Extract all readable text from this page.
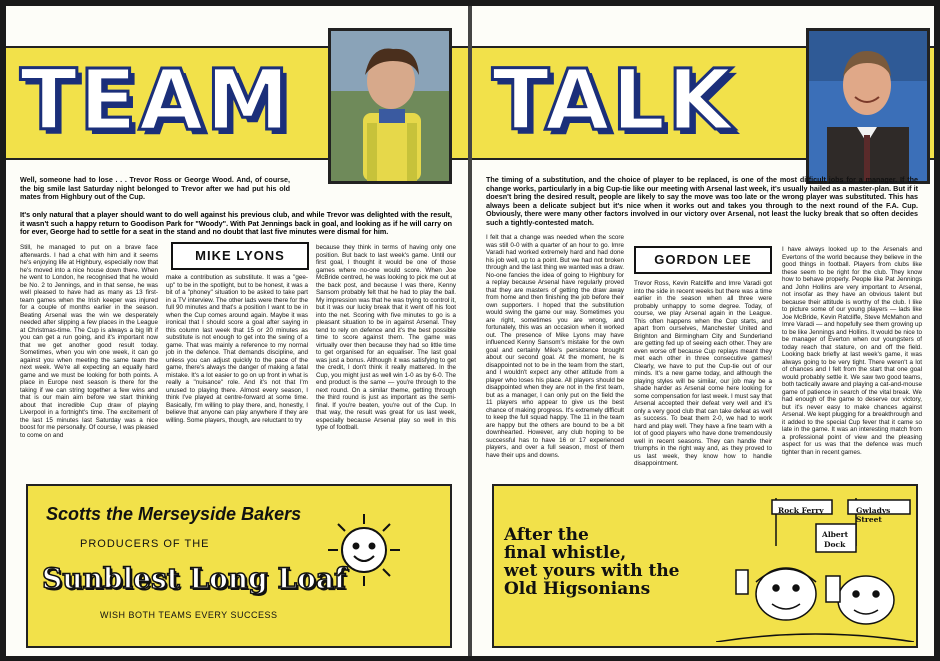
TEAM

Well, someone had to lose . . . Trevor Ross or George Wood. And, of course, the big smile last Saturday night belonged to Trevor after we had put his old mates from Highbury out of the Cup.

It's only natural that a player should want to do well against his previous club, and while Trevor was delighted with the result, it wasn't such a happy return to Goodison Park for "Woody". With Pat Jennings back in goal, and looking as if he will carry on for ever, George had to settle for a seat in the stand and no doubt that last five minutes were dismal for him.

MIKE LYONS

Still, he managed to put on a brave face afterwards. I had a chat with him and it seems he's enjoying life at Highbury, especially now that he's moved into a nice house down there. When he went to London, he recognised that he would be No. 2 to Jennings, and in that sense, he was well pleased to have had as many as 13 first-team games when the Irish keeper was injured for a couple of months earlier in the season. Beating Arsenal was the win we desperately needed after slipping a few places in the League at Christmas-time. The Cup is always a big lift if you can get a run going, and it's important now that we get another good result today. Sometimes, when you win one week, it can go against you when meeting the same team the next week. We're all expecting an equally hard game and we must be looking for both points. A place in Europe next season is there for the taking if we can string together a few wins and that is our main aim before we start thinking about that incredible Cup draw of playing Liverpool in a fortnight's time. The excitement of the last 15 minutes last Saturday was a nice boost for me personally. Of course, I was pleased to come on and

make a contribution as substitute. It was a "gee-up" to be in the spotlight, but to be honest, it was a bit of a "phoney" situation to be asked to take part in a TV interview. The other lads were there for the full 90 minutes and that's a position I want to be in when the Cup comes around again. Maybe it was ironical that I should score a goal after saying in this column last week that 15 or 20 minutes as substitute is not enough to get into the swing of a game. That was mainly a reference to my normal job in the defence. That demands discipline, and unless you can adjust quickly to the pace of the game, there's always the danger of making a fatal mistake. It's a lot easier to go on up front in what is really a "nuisance" role. And it's not that I'm unused to playing there. Almost every season, I think I've played at centre-forward at some time. Basically, I'm willing to play there, and, honestly, I believe that anyone can play anywhere if they are willing. Some players, though, are reluctant to try

because they think in terms of having only one position. But back to last week's game. Until our first goal, I thought it would be one of those games where no-one would score. When Joe McBride centred, he was looking to pick me out at the back post, and because I was there, Kenny Sansom probably felt that he had to play the ball. My impression was that he was trying to control it, but it was our lucky break that it went off his foot into the net. Scoring with five minutes to go is a pleasant situation to be in against Arsenal. They tend to rely on defence and it's the best possible time to score against them. The game was virtually over then because they had so little time to get organised for an equaliser. The last goal was just a bonus. Although it was satisfying to get the credit, I don't think it really mattered. In the Cup, you might just as well win 1-0 as by 6-0. The end product is the same — you're through to the next round. On a similar theme, getting through the third round is just as important as the semi-final. If you're beaten, you're out of the Cup. In that way, the result was great for us last week, especially because Arsenal play so well in this type of football.

Scotts the Merseyside Bakers
PRODUCERS OF THE
Sunblest Long Loaf
WISH BOTH TEAMS EVERY SUCCESS
TALK

The timing of a substitution, and the choice of player to be replaced, is one of the most difficult jobs for a manager. If the change works, particularly in a big Cup-tie like our meeting with Arsenal last week, it's usually hailed as a master-plan. But if it doesn't bring the desired result, people are likely to say the move was too late or the wrong player was substituted. This has always been a delicate subject but it's nice when it works out and takes you through to the next round of the F.A. Cup. Obviously, there were many other factors involved in our victory over Arsenal, not least the lucky break that so often decides such a tightly-contested match.

GORDON LEE

I felt that a change was needed when the score was still 0-0 with a quarter of an hour to go. Imre Varadi had worked extremely hard and had done his job well, up to a point. But we had not broken through and the last thing we wanted was a draw. No-one fancies the idea of going to Highbury for a replay because Arsenal have regularly proved that they are masters of getting the draw away from home and then finishing the job before their own supporters. I hoped that the substitution would swing the game our way. Sometimes you are right, sometimes you are wrong, and fortunately, this was an occasion when it worked out. The presence of Mike Lyons may have influenced Kenny Sansom's mistake for the own goal and certainly Mike's persistence brought about our second goal. At the moment, he is disappointed not to be in the team from the start, and I wouldn't expect any other attitude from a player who loses his place. All players should be disappointed when they are not in the first team, but as a manager, I can only put on the field the 11 players who appear to give us the best chance of making progress. It's extremely difficult to keep the full squad happy. The 11 in the team are happy but the others are bound to be a bit downhearted. However, any club hoping to be successful has to have 16 or 17 experienced players, and over a full season, most of them have their ups and downs.

Trevor Ross, Kevin Ratcliffe and Imre Varadi got into the side in recent weeks but there was a time earlier in the season when all three were probably unhappy to some degree. Today, of course, we play Arsenal again in the League. This often happens when the Cup starts, and apart from ourselves, Manchester United and Brighton and Birmingham City and Sunderland are getting fed up of seeing each other. They are even worse off because Cup replays meant they met each other in three consecutive games! Clearly, we have to put the Cup-tie out of our minds. It's a new game today, and although the playing styles will be similar, our job may be a shade harder as Arsenal come here looking for some compensation for last week. I must say that Arsenal accepted their defeat very well and it's only a very good club that can take defeat as well as success. To beat them 2-0, we had to work hard and play well. They have a fine team with a lot of good players who have done tremendously well in recent seasons. They can handle their triumphs in the right way and, as they proved to us last week, they know how to handle disappointment.

I have always looked up to the Arsenals and Evertons of the world because they believe in the good things in football. Players from clubs like these seem to be right for the club. They know how to behave properly. People like Pat Jennings and John Hollins are very important to Arsenal, not insofar as they have an obvious talent but because their attitude is worthy of the club. I like to picture some of our young players — lads like Joe McBride, Kevin Ratcliffe, Steve McMahon and Imre Varadi — and hopefully see them growing up to be like Jennings and Hollins. It would be nice to be manager of Everton when our youngsters of today reach that stature, on and off the field. Looking back briefly at last week's game, it was always going to be very tight. There weren't a lot of chances and I felt from the start that one goal would probably settle it. We saw two good teams, both tactically aware and playing a cat-and-mouse game of patience in search of the vital break. We had enough of the game to deserve our victory, but it's never easy to make chances against Arsenal. We kept plugging for a breakthrough and it added to the special Cup fever that it came so late in the game. It was an interesting match from a professional point of view and the pleasing aspect for us was that the defence was much tighter than in recent games.

After the
final whistle,
wet yours with the
Old Higsonians

Rock Ferry	Gwladys Street
Albert
Dock
